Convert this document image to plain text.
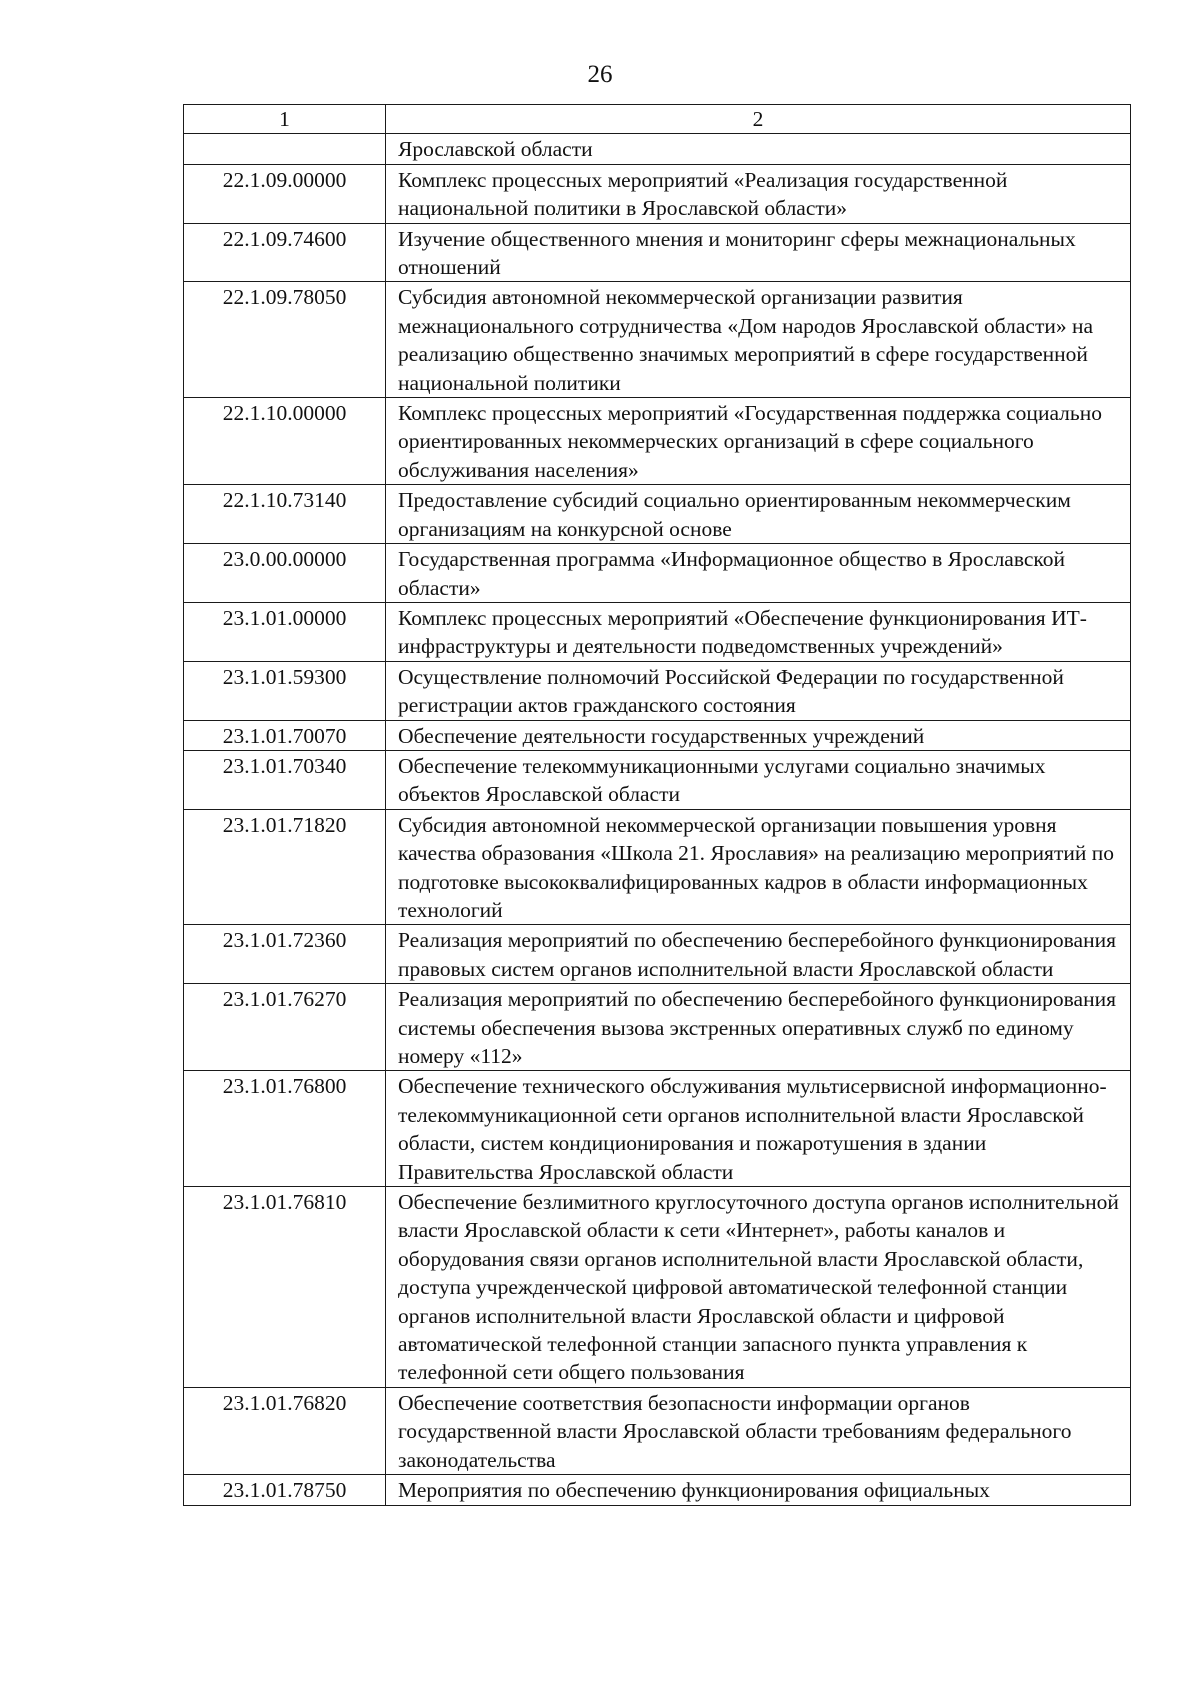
26
1	2
	Ярославской области
22.1.09.00000	Комплекс процессных мероприятий «Реализация государственной национальной политики в Ярославской области»
22.1.09.74600	Изучение общественного мнения и мониторинг сферы межнациональных отношений
22.1.09.78050	Субсидия автономной некоммерческой организации развития межнационального сотрудничества «Дом народов Ярославской области» на реализацию общественно значимых мероприятий в сфере государственной национальной политики
22.1.10.00000	Комплекс процессных мероприятий «Государственная поддержка социально ориентированных некоммерческих организаций в сфере социального обслуживания населения»
22.1.10.73140	Предоставление субсидий социально ориентированным некоммерческим организациям на конкурсной основе
23.0.00.00000	Государственная программа «Информационное общество в Ярославской области»
23.1.01.00000	Комплекс процессных мероприятий «Обеспечение функционирования ИТ-инфраструктуры и деятельности подведомственных учреждений»
23.1.01.59300	Осуществление полномочий Российской Федерации по государственной регистрации актов гражданского состояния
23.1.01.70070	Обеспечение деятельности государственных учреждений
23.1.01.70340	Обеспечение телекоммуникационными услугами социально значимых объектов Ярославской области
23.1.01.71820	Субсидия автономной некоммерческой организации повышения уровня качества образования «Школа 21. Ярославия» на реализацию мероприятий по подготовке высококвалифицированных кадров в области информационных технологий
23.1.01.72360	Реализация мероприятий по обеспечению бесперебойного функционирования правовых систем органов исполнительной власти Ярославской области
23.1.01.76270	Реализация мероприятий по обеспечению бесперебойного функционирования системы обеспечения вызова экстренных оперативных служб по единому номеру «112»
23.1.01.76800	Обеспечение технического обслуживания мультисервисной информационно-телекоммуникационной сети органов исполнительной власти Ярославской области, систем кондиционирования и пожаротушения в здании Правительства Ярославской области
23.1.01.76810	Обеспечение безлимитного круглосуточного доступа органов исполнительной власти Ярославской области к сети «Интернет», работы каналов и оборудования связи органов исполнительной власти Ярославской области, доступа учрежденческой цифровой автоматической телефонной станции органов исполнительной власти Ярославской области и цифровой автоматической телефонной станции запасного пункта управления к телефонной сети общего пользования
23.1.01.76820	Обеспечение соответствия безопасности информации органов государственной власти Ярославской области требованиям федерального законодательства
23.1.01.78750	Мероприятия по обеспечению функционирования официальных
